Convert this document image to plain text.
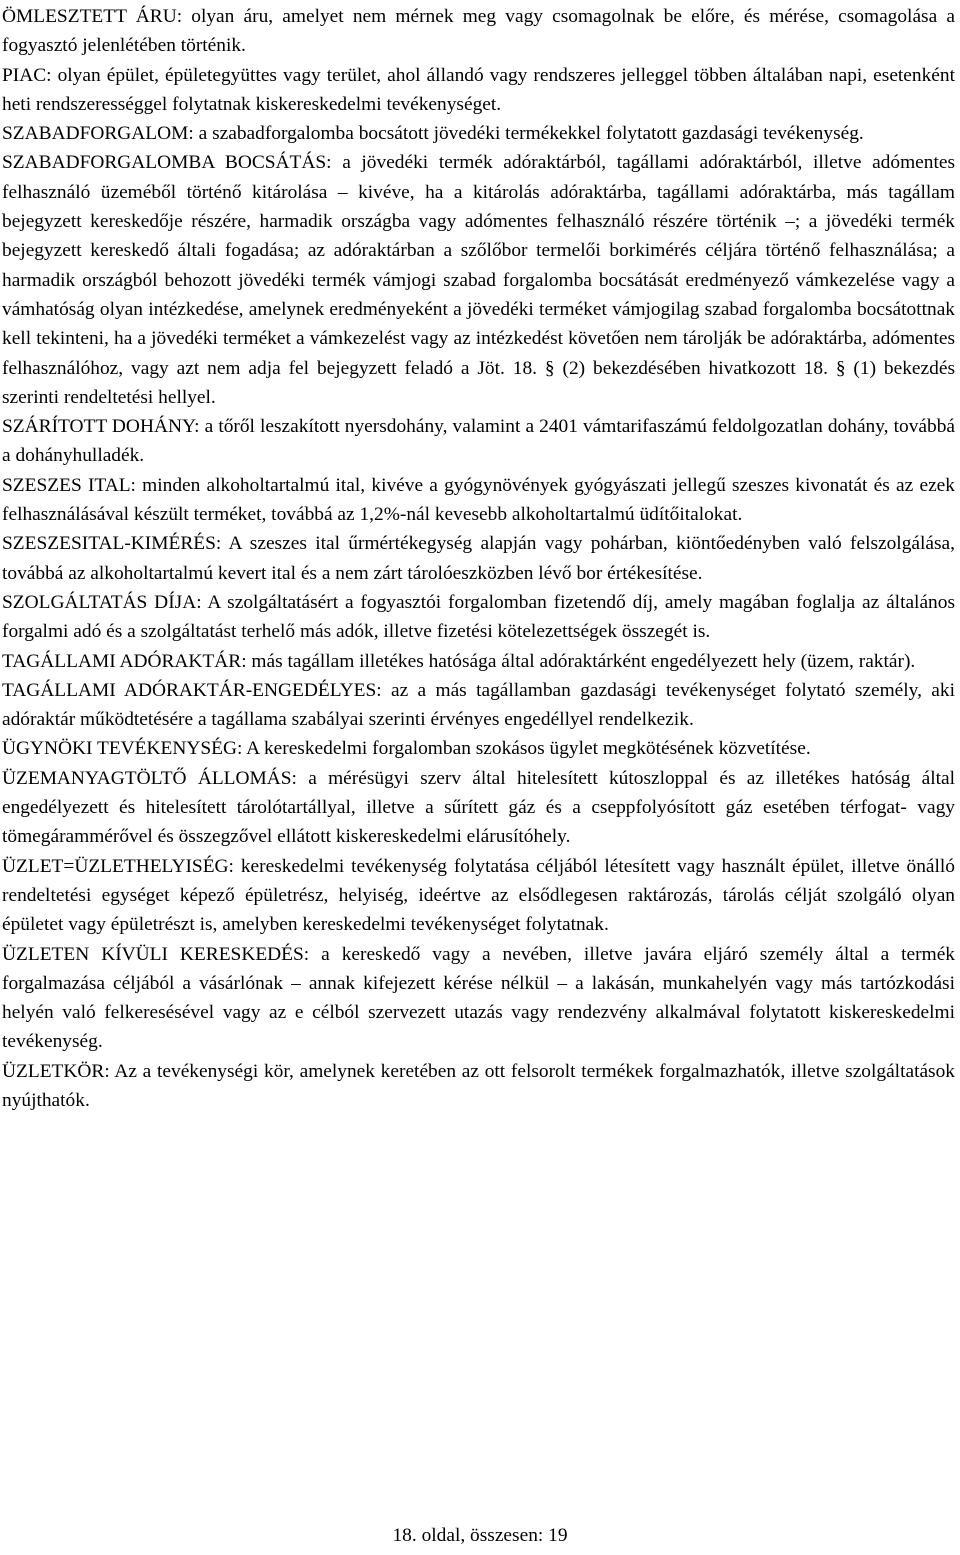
ÖMLESZTETT ÁRU: olyan áru, amelyet nem mérnek meg vagy csomagolnak be előre, és mérése, csomagolása a fogyasztó jelenlétében történik.

PIAC: olyan épület, épületegyüttes vagy terület, ahol állandó vagy rendszeres jelleggel többen általában napi, esetenként heti rendszerességgel folytatnak kiskereskedelmi tevékenységet.

SZABADFORGALOM: a szabadforgalomba bocsátott jövedéki termékekkel folytatott gazdasági tevékenység.

SZABADFORGALOMBA BOCSÁTÁS: a jövedéki termék adóraktárból, tagállami adóraktárból, illetve adómentes felhasználó üzeméből történő kitárolása – kivéve, ha a kitárolás adóraktárba, tagállami adóraktárba, más tagállam bejegyzett kereskedője részére, harmadik országba vagy adómentes felhasználó részére történik –; a jövedéki termék bejegyzett kereskedő általi fogadása; az adóraktárban a szőlőbor termelői borkimérés céljára történő felhasználása; a harmadik országból behozott jövedéki termék vámjogi szabad forgalomba bocsátását eredményező vámkezelése vagy a vámhatóság olyan intézkedése, amelynek eredményeként a jövedéki terméket vámjogilag szabad forgalomba bocsátottnak kell tekinteni, ha a jövedéki terméket a vámkezelést vagy az intézkedést követően nem tárolják be adóraktárba, adómentes felhasználóhoz, vagy azt nem adja fel bejegyzett feladó a Jöt. 18. § (2) bekezdésében hivatkozott 18. § (1) bekezdés szerinti rendeltetési hellyel.

SZÁRÍTOTT DOHÁNY: a tőről leszakított nyersdohány, valamint a 2401 vámtarifaszámú feldolgozatlan dohány, továbbá a dohányhulladék.

SZESZES ITAL: minden alkoholtartalmú ital, kivéve a gyógynövények gyógyászati jellegű szeszes kivonatát és az ezek felhasználásával készült terméket, továbbá az 1,2%-nál kevesebb alkoholtartalmú üdítőitalokat.

SZESZESITAL-KIMÉRÉS: A szeszes ital űrmértékegység alapján vagy pohárban, kiöntőedényben való felszolgálása, továbbá az alkoholtartalmú kevert ital és a nem zárt tárolóeszközben lévő bor értékesítése.

SZOLGÁLTATÁS DÍJA: A szolgáltatásért a fogyasztói forgalomban fizetendő díj, amely magában foglalja az általános forgalmi adó és a szolgáltatást terhelő más adók, illetve fizetési kötelezettségek összegét is.

TAGÁLLAMI ADÓRAKTÁR: más tagállam illetékes hatósága által adóraktárként engedélyezett hely (üzem, raktár).

TAGÁLLAMI ADÓRAKTÁR-ENGEDÉLYES: az a más tagállamban gazdasági tevékenységet folytató személy, aki adóraktár működtetésére a tagállama szabályai szerinti érvényes engedéllyel rendelkezik.

ÜGYNÖKI TEVÉKENYSÉG: A kereskedelmi forgalomban szokásos ügylet megkötésének közvetítése.

ÜZEMANYAGTÖLTŐ ÁLLOMÁS: a mérésügyi szerv által hitelesített kútoszloppal és az illetékes hatóság által engedélyezett és hitelesített tárolótartállyal, illetve a sűrített gáz és a cseppfolyósított gáz esetében térfogat- vagy tömegárammérővel és összegzővel ellátott kiskereskedelmi elárusítóhely.

ÜZLET=ÜZLETHELYISÉG: kereskedelmi tevékenység folytatása céljából létesített vagy használt épület, illetve önálló rendeltetési egységet képező épületrész, helyiség, ideértve az elsődlegesen raktározás, tárolás célját szolgáló olyan épületet vagy épületrészt is, amelyben kereskedelmi tevékenységet folytatnak.

ÜZLETEN KÍVÜLI KERESKEDÉS: a kereskedő vagy a nevében, illetve javára eljáró személy által a termék forgalmazása céljából a vásárlónak – annak kifejezett kérése nélkül – a lakásán, munkahelyén vagy más tartózkodási helyén való felkeresésével vagy az e célból szervezett utazás vagy rendezvény alkalmával folytatott kiskereskedelmi tevékenység.

ÜZLETKÖR: Az a tevékenységi kör, amelynek keretében az ott felsorolt termékek forgalmazhatók, illetve szolgáltatások nyújthatók.

18. oldal, összesen: 19
